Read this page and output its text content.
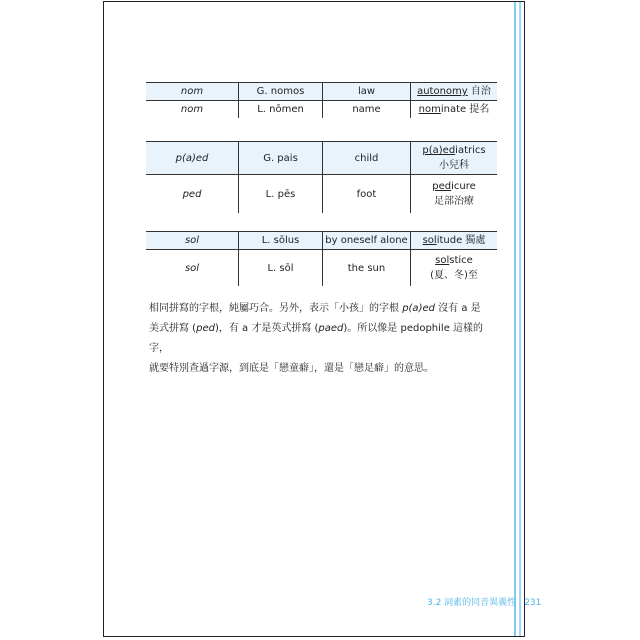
nom	G. nomos	law	autonomy 自治
nom	L. nōmen	name	nominate 提名
p(a)ed	G. pais	child	p(a)ediatrics
小兒科
ped	L. pēs	foot	pedicure
足部治療
sol	L. sōlus	by oneself alone	solitude 獨處
sol	L. sōl	the sun	solstice
(夏、冬)至

相同拼寫的字根，純屬巧合。另外，表示「小孩」的字根 p(a)ed 沒有 a 是

美式拼寫 (ped)，有 a 才是英式拼寫 (paed)。所以像是 pedophile 這樣的字，

就要特別查過字源，到底是「戀童癖」，還是「戀足癖」的意思。

3.2 詞素的同音異義性 231
